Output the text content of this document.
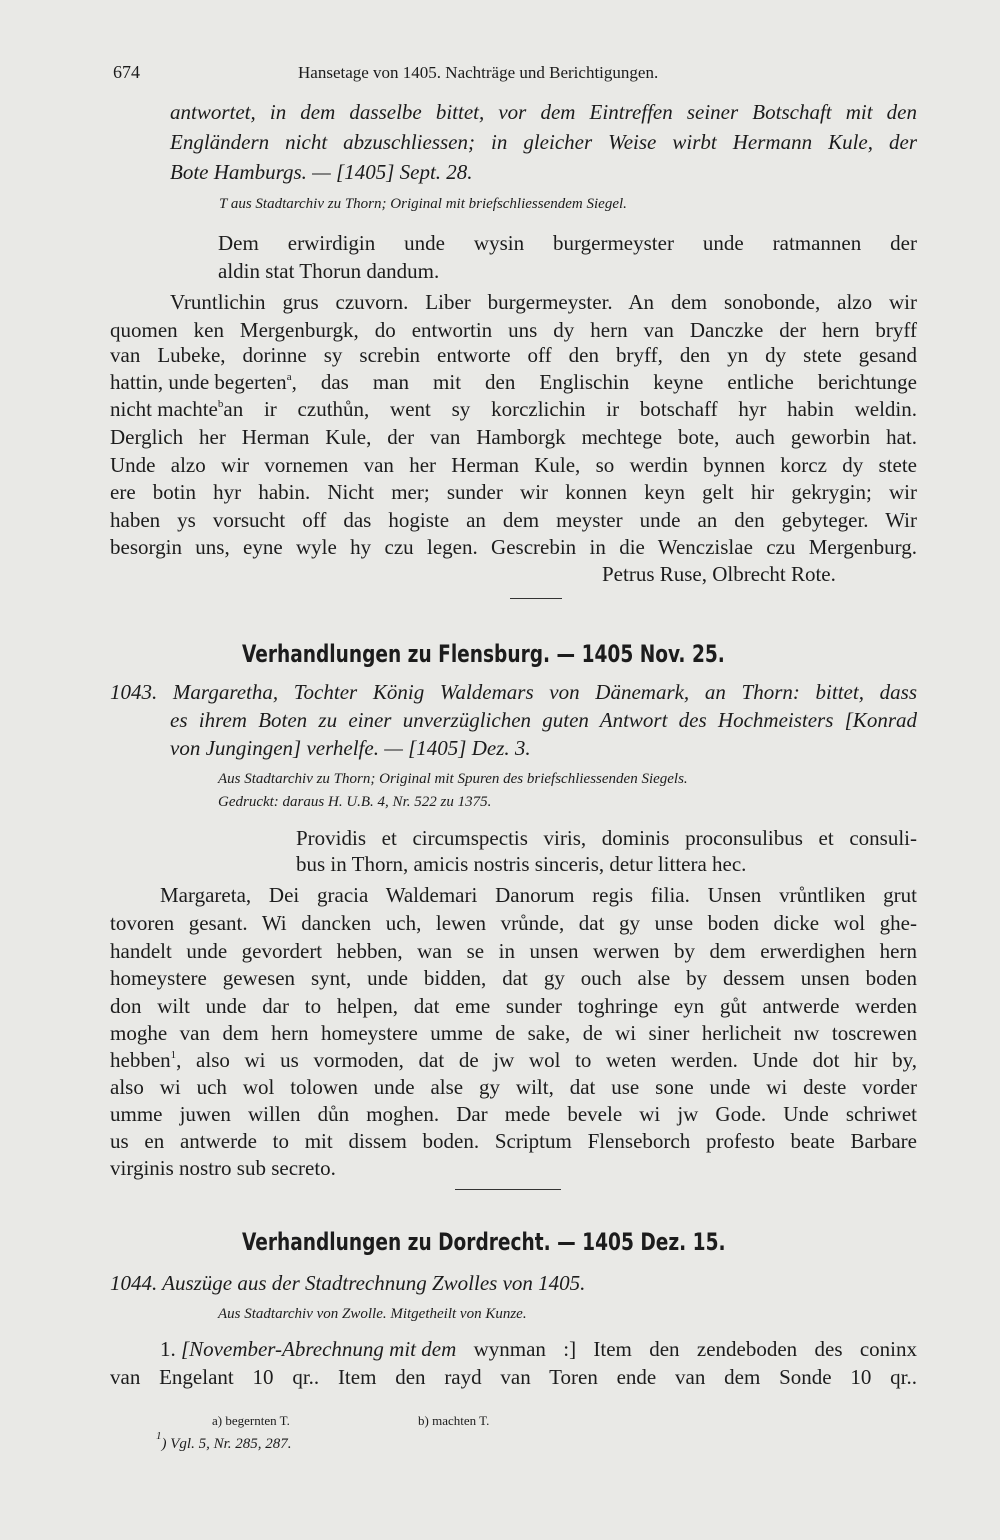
674	Hansetage von 1405. Nachträge und Berichtigungen.
antwortet, in dem dasselbe bittet, vor dem Eintreffen seiner Botschaft mit den
Engländern nicht abzuschliessen; in gleicher Weise wirbt Hermann Kule, der
Bote Hamburgs. — [1405] Sept. 28.
T aus Stadtarchiv zu Thorn; Original mit briefschliessendem Siegel.
Dem erwirdigin unde wysin burgermeyster unde ratmannen der
aldin stat Thorun dandum.
Vruntlichin grus czuvorn. Liber burgermeyster. An dem sonobonde, alzo wir
quomen ken Mergenburgk, do entwortin uns dy hern van Danczke der hern bryff
van Lubeke, dorinne sy screbin entworte off den bryff, den yn dy stete gesand
hattin, unde begerten$^a$ , das man mit den Englischin keyne entliche berichtunge
nicht machte$^b$ an ir czuthůn, went sy korczlichin ir botschaff hyr habin weldin.
Derglich her Herman Kule, der van Hamborgk mechtege bote, auch geworbin hat.
Unde alzo wir vornemen van her Herman Kule, so werdin bynnen korcz dy stete
ere botin hyr habin. Nicht mer; sunder wir konnen keyn gelt hir gekrygin; wir
haben ys vorsucht off das hogiste an dem meyster unde an den gebyteger. Wir
besorgin uns, eyne wyle hy czu legen. Gescrebin in die Wenczislae czu Mergenburg.
Petrus Ruse, Olbrecht Rote.
Verhandlungen zu Flensburg. — 1405 Nov. 25.
1043. Margaretha, Tochter König Waldemars von Dänemark, an Thorn: bittet, dass
es ihrem Boten zu einer unverzüglichen guten Antwort des Hochmeisters [Konrad
von Jungingen] verhelfe. — [1405] Dez. 3.
Aus Stadtarchiv zu Thorn; Original mit Spuren des briefschliessenden Siegels.
Gedruckt: daraus H. U.B. 4, Nr. 522 zu 1375.
Providis et circumspectis viris, dominis proconsulibus et consuli-
bus in Thorn, amicis nostris sinceris, detur littera hec.
Margareta, Dei gracia Waldemari Danorum regis filia. Unsen vrůntliken grut
tovoren gesant. Wi dancken uch, lewen vrůnde, dat gy unse boden dicke wol ghe-
handelt unde gevordert hebben, wan se in unsen werwen by dem erwerdighen hern
homeystere gewesen synt, unde bidden, dat gy ouch alse by dessem unsen boden
don wilt unde dar to helpen, dat eme sunder toghringe eyn gůt antwerde werden
moghe van dem hern homeystere umme de sake, de wi siner herlicheit nw toscrewen
hebben$^1$ , also wi us vormoden, dat de jw wol to weten werden. Unde dot hir by,
also wi uch wol tolowen unde alse gy wilt, dat use sone unde wi deste vorder
umme juwen willen důn moghen. Dar mede bevele wi jw Gode. Unde schriwet
us en antwerde to mit dissem boden. Scriptum Flenseborch profesto beate Barbare
virginis nostro sub secreto.
Verhandlungen zu Dordrecht. — 1405 Dez. 15.
1044. Auszüge aus der Stadtrechnung Zwolles von 1405.
Aus Stadtarchiv von Zwolle. Mitgetheilt von Kunze.
1. [November-Abrechnung mit dem wynman :] Item den zendeboden des coninx
van Engelant 10 qr.. Item den rayd van Toren ende van dem Sonde 10 qr..
a) begernten T.	b) machten T.
$^1$) Vgl. 5, Nr. 285, 287.
